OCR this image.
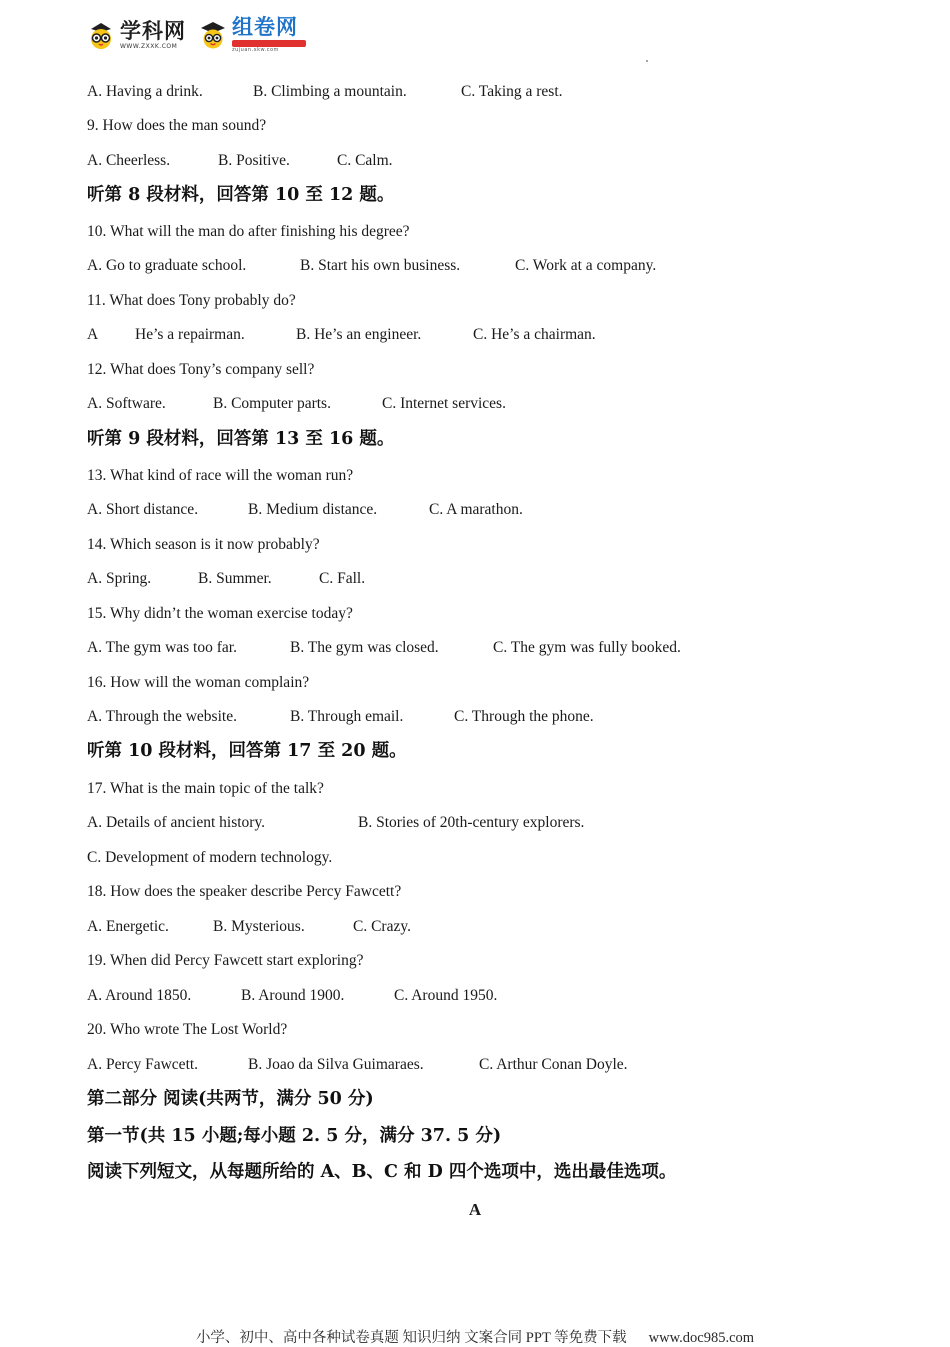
学科网
WWW.ZXXK.COM
组卷网
zujuan.xkw.com
A. Having a drink.	B. Climbing a mountain.	C. Taking a rest.
9. How does the man sound?
A. Cheerless.	B. Positive.	C. Calm.
听第 8 段材料，回答第 10 至 12 题。
10. What will the man do after finishing his degree?
A. Go to graduate school.	B. Start his own business.	C. Work at a company.
11. What does Tony probably do?
A He’s a repairman.	B. He’s an engineer.	C. He’s a chairman.
12. What does Tony’s company sell?
A. Software.	B. Computer parts.	C. Internet services.
听第 9 段材料，回答第 13 至 16 题。
13. What kind of race will the woman run?
A. Short distance.	B. Medium distance.	C. A marathon.
14. Which season is it now probably?
A. Spring.	B. Summer.	C. Fall.
15. Why didn’t the woman exercise today?
A. The gym was too far.	B. The gym was closed.	C. The gym was fully booked.
16. How will the woman complain?
A. Through the website.	B. Through email.	C. Through the phone.
听第 10 段材料，回答第 17 至 20 题。
17. What is the main topic of the talk?
A. Details of ancient history.	B. Stories of 20th-century explorers.
C. Development of modern technology.
18. How does the speaker describe Percy Fawcett?
A. Energetic.	B. Mysterious.	C. Crazy.
19. When did Percy Fawcett start exploring?
A. Around 1850.	B. Around 1900.	C. Around 1950.
20. Who wrote The Lost World?
A. Percy Fawcett.	B. Joao da Silva Guimaraes.	C. Arthur Conan Doyle.
第二部分 阅读(共两节，满分 50 分)
第一节(共 15 小题;每小题 2. 5 分，满分 37. 5 分)
阅读下列短文，从每题所给的 A、B、C 和 D 四个选项中，选出最佳选项。
A
小学、初中、高中各种试卷真题 知识归纳 文案合同 PPT 等免费下载 www.doc985.com
